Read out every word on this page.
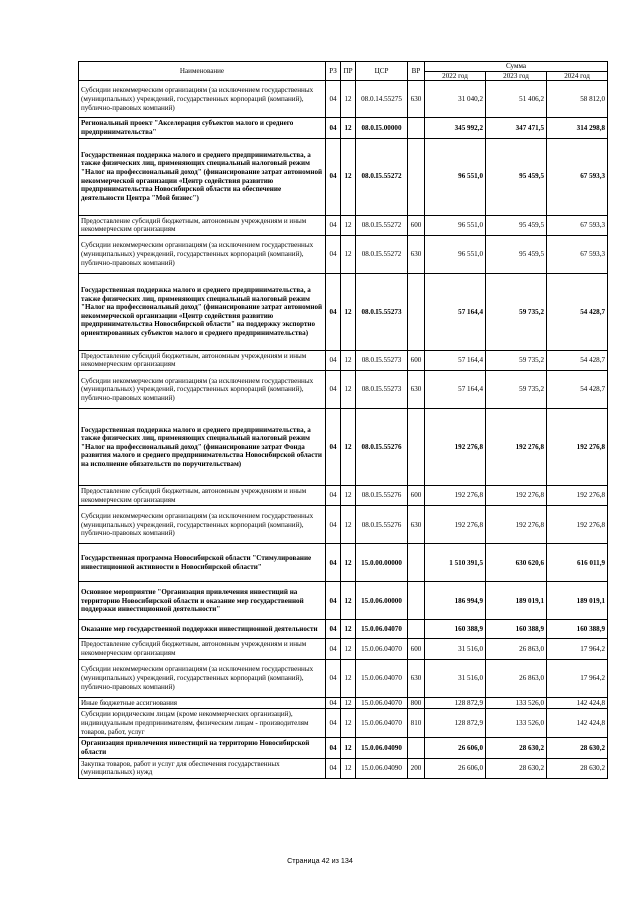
Наименование	РЗ	ПР	ЦСР	ВР	Сумма		
					2022 год	2023 год	2024 год
Субсидии некоммерческим организациям (за исключением государственных (муниципальных) учреждений, государственных корпораций (компаний), публично-правовых компаний)	04	12	08.0.14.55275	630	31 040,2	51 406,2	58 812,0
Региональный проект "Акселерация субъектов малого и среднего предпринимательства"	04	12	08.0.I5.00000		345 992,2	347 471,5	314 298,8
Государственная поддержка малого и среднего предпринимательства, а также физических лиц, применяющих специальный налоговый режим "Налог на профессиональный доход" (финансирование затрат автономной некоммерческой организации «Центр содействия развитию предпринимательства Новосибирской области на обеспечение деятельности Центра "Мой бизнес")	04	12	08.0.I5.55272		96 551,0	95 459,5	67 593,3
Предоставление субсидий бюджетным, автономным учреждениям и иным некоммерческим организациям	04	12	08.0.I5.55272	600	96 551,0	95 459,5	67 593,3
Субсидии некоммерческим организациям (за исключением государственных (муниципальных) учреждений, государственных корпораций (компаний), публично-правовых компаний)	04	12	08.0.I5.55272	630	96 551,0	95 459,5	67 593,3
Государственная поддержка малого и среднего предпринимательства, а также физических лиц, применяющих специальный налоговый режим "Налог на профессиональный доход" (финансирование затрат автономной некоммерческой организации «Центр содействия развитию предпринимательства Новосибирской области" на поддержку экспортно ориентированных субъектов малого и среднего предпринимательства)	04	12	08.0.I5.55273		57 164,4	59 735,2	54 428,7
Предоставление субсидий бюджетным, автономным учреждениям и иным некоммерческим организациям	04	12	08.0.I5.55273	600	57 164,4	59 735,2	54 428,7
Субсидии некоммерческим организациям (за исключением государственных (муниципальных) учреждений, государственных корпораций (компаний), публично-правовых компаний)	04	12	08.0.I5.55273	630	57 164,4	59 735,2	54 428,7
Государственная поддержка малого и среднего предпринимательства, а также физических лиц, применяющих специальный налоговый режим "Налог на профессиональный доход" (финансирование затрат Фонда развития малого и среднего предпринимательства Новосибирской области на исполнение обязательств по поручительствам)	04	12	08.0.I5.55276		192 276,8	192 276,8	192 276,8
Предоставление субсидий бюджетным, автономным учреждениям и иным некоммерческим организациям	04	12	08.0.I5.55276	600	192 276,8	192 276,8	192 276,8
Субсидии некоммерческим организациям (за исключением государственных (муниципальных) учреждений, государственных корпораций (компаний), публично-правовых компаний)	04	12	08.0.I5.55276	630	192 276,8	192 276,8	192 276,8
Государственная программа Новосибирской области "Стимулирование инвестиционной активности в Новосибирской области"	04	12	15.0.00.00000		1 510 391,5	630 620,6	616 011,9
Основное мероприятие "Организация привлечения инвестиций на территорию Новосибирской области и оказание мер государственной поддержки инвестиционной деятельности"	04	12	15.0.06.00000		186 994,9	189 019,1	189 019,1
Оказание мер государственной поддержки инвестиционной деятельности	04	12	15.0.06.04070		160 388,9	160 388,9	160 388,9
Предоставление субсидий бюджетным, автономным учреждениям и иным некоммерческим организациям	04	12	15.0.06.04070	600	31 516,0	26 863,0	17 964,2
Субсидии некоммерческим организациям (за исключением государственных (муниципальных) учреждений, государственных корпораций (компаний), публично-правовых компаний)	04	12	15.0.06.04070	630	31 516,0	26 863,0	17 964,2
Иные бюджетные ассигнования	04	12	15.0.06.04070	800	128 872,9	133 526,0	142 424,8
Субсидии юридическим лицам (кроме некоммерческих организаций), индивидуальным предпринимателям, физическим лицам - производителям товаров, работ, услуг	04	12	15.0.06.04070	810	128 872,9	133 526,0	142 424,8
Организация привлечения инвестиций на территорию Новосибирской области	04	12	15.0.06.04090		26 606,0	28 630,2	28 630,2
Закупка товаров, работ и услуг для обеспечения государственных (муниципальных) нужд	04	12	15.0.06.04090	200	26 606,0	28 630,2	28 630,2
Страница 42 из 134
